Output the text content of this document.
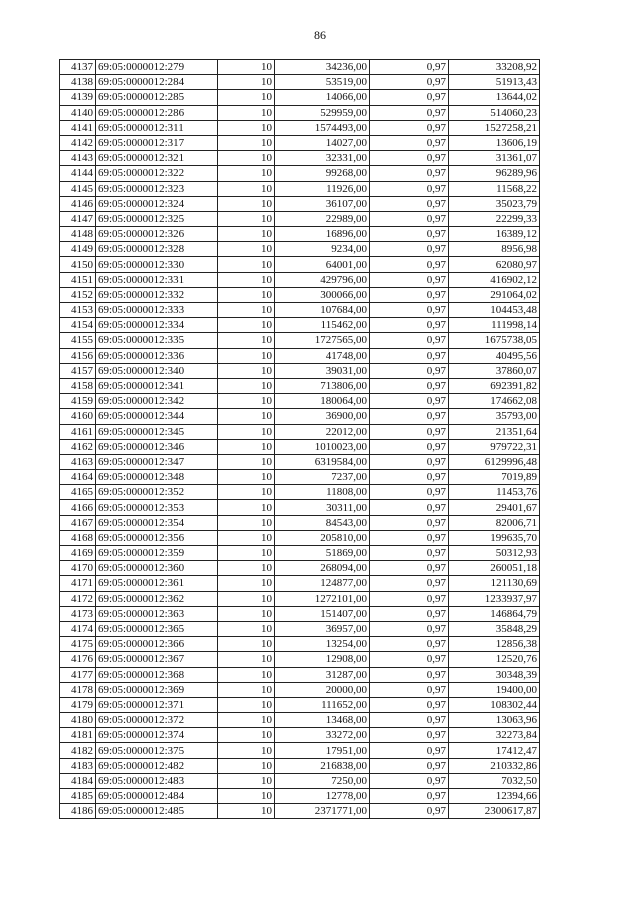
86
4137	69:05:0000012:279	10	34236,00	0,97	33208,92
4138	69:05:0000012:284	10	53519,00	0,97	51913,43
4139	69:05:0000012:285	10	14066,00	0,97	13644,02
4140	69:05:0000012:286	10	529959,00	0,97	514060,23
4141	69:05:0000012:311	10	1574493,00	0,97	1527258,21
4142	69:05:0000012:317	10	14027,00	0,97	13606,19
4143	69:05:0000012:321	10	32331,00	0,97	31361,07
4144	69:05:0000012:322	10	99268,00	0,97	96289,96
4145	69:05:0000012:323	10	11926,00	0,97	11568,22
4146	69:05:0000012:324	10	36107,00	0,97	35023,79
4147	69:05:0000012:325	10	22989,00	0,97	22299,33
4148	69:05:0000012:326	10	16896,00	0,97	16389,12
4149	69:05:0000012:328	10	9234,00	0,97	8956,98
4150	69:05:0000012:330	10	64001,00	0,97	62080,97
4151	69:05:0000012:331	10	429796,00	0,97	416902,12
4152	69:05:0000012:332	10	300066,00	0,97	291064,02
4153	69:05:0000012:333	10	107684,00	0,97	104453,48
4154	69:05:0000012:334	10	115462,00	0,97	111998,14
4155	69:05:0000012:335	10	1727565,00	0,97	1675738,05
4156	69:05:0000012:336	10	41748,00	0,97	40495,56
4157	69:05:0000012:340	10	39031,00	0,97	37860,07
4158	69:05:0000012:341	10	713806,00	0,97	692391,82
4159	69:05:0000012:342	10	180064,00	0,97	174662,08
4160	69:05:0000012:344	10	36900,00	0,97	35793,00
4161	69:05:0000012:345	10	22012,00	0,97	21351,64
4162	69:05:0000012:346	10	1010023,00	0,97	979722,31
4163	69:05:0000012:347	10	6319584,00	0,97	6129996,48
4164	69:05:0000012:348	10	7237,00	0,97	7019,89
4165	69:05:0000012:352	10	11808,00	0,97	11453,76
4166	69:05:0000012:353	10	30311,00	0,97	29401,67
4167	69:05:0000012:354	10	84543,00	0,97	82006,71
4168	69:05:0000012:356	10	205810,00	0,97	199635,70
4169	69:05:0000012:359	10	51869,00	0,97	50312,93
4170	69:05:0000012:360	10	268094,00	0,97	260051,18
4171	69:05:0000012:361	10	124877,00	0,97	121130,69
4172	69:05:0000012:362	10	1272101,00	0,97	1233937,97
4173	69:05:0000012:363	10	151407,00	0,97	146864,79
4174	69:05:0000012:365	10	36957,00	0,97	35848,29
4175	69:05:0000012:366	10	13254,00	0,97	12856,38
4176	69:05:0000012:367	10	12908,00	0,97	12520,76
4177	69:05:0000012:368	10	31287,00	0,97	30348,39
4178	69:05:0000012:369	10	20000,00	0,97	19400,00
4179	69:05:0000012:371	10	111652,00	0,97	108302,44
4180	69:05:0000012:372	10	13468,00	0,97	13063,96
4181	69:05:0000012:374	10	33272,00	0,97	32273,84
4182	69:05:0000012:375	10	17951,00	0,97	17412,47
4183	69:05:0000012:482	10	216838,00	0,97	210332,86
4184	69:05:0000012:483	10	7250,00	0,97	7032,50
4185	69:05:0000012:484	10	12778,00	0,97	12394,66
4186	69:05:0000012:485	10	2371771,00	0,97	2300617,87
